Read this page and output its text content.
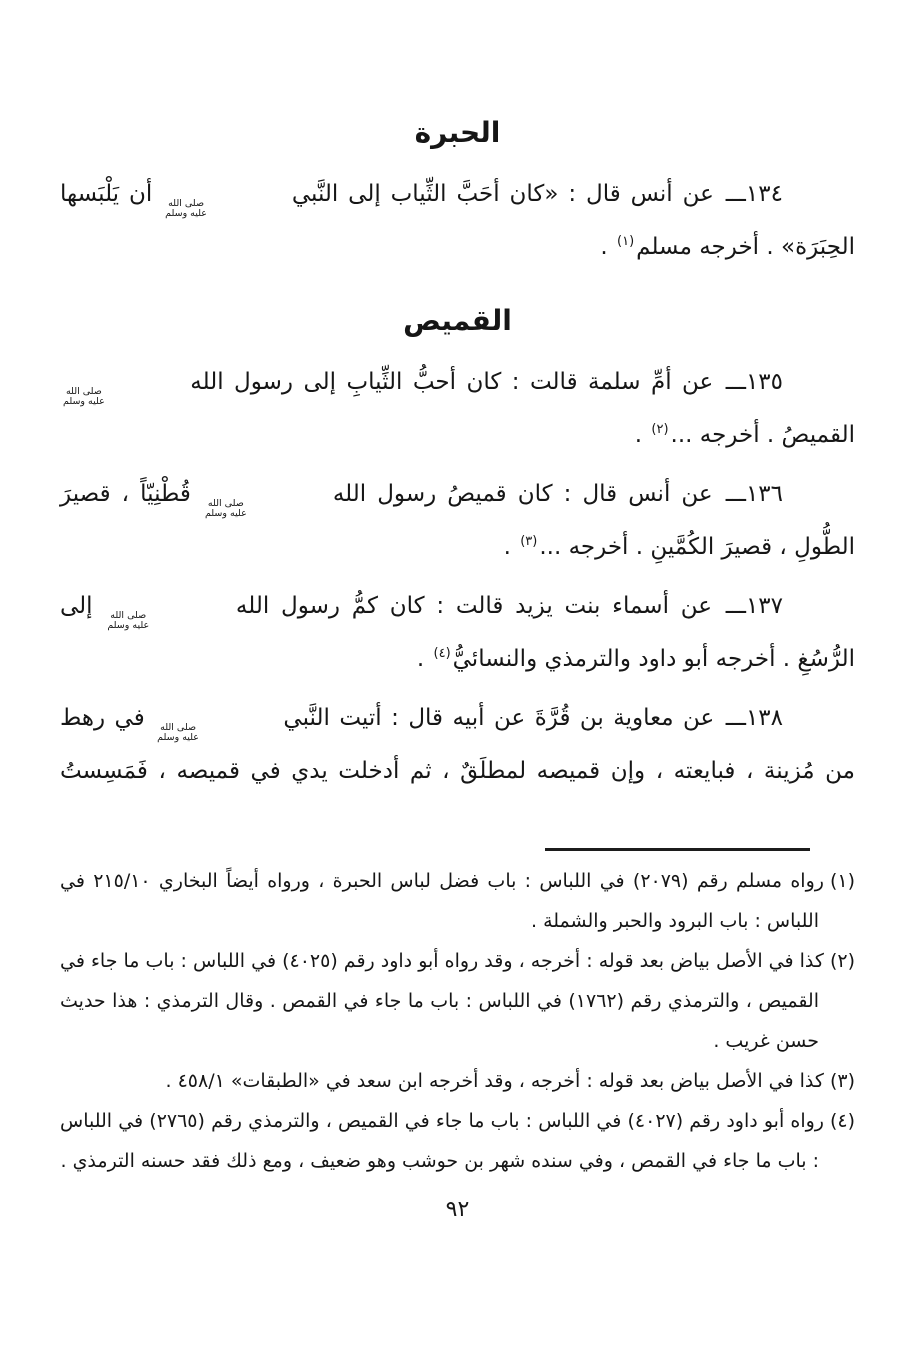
الحبرة

١٣٤ـــ عن أنس قال : «كان أحَبَّ الثِّياب إلى النَّبي
صلى الله
عليه وسلم
أن يَلْبَسها الحِبَرَة» . أخرجه مسلم$^{(١)}$ .

القميص

١٣٥ـــ عن أمِّ سلمة قالت : كان أحبُّ الثِّيابِ إلى رسول الله
صلى الله
عليه وسلم
القميصُ . أخرجه ...$^{(٢)}$ .

١٣٦ـــ عن أنس قال : كان قميصُ رسول الله
صلى الله
عليه وسلم
قُطْنِيّاً ، قصيرَ الطُّولِ ، قصيرَ الكُمَّينِ . أخرجه ...$^{(٣)}$ .

١٣٧ـــ عن أسماء بنت يزيد قالت : كان كمُّ رسول الله
صلى الله
عليه وسلم
إلى الرُّسُغِ . أخرجه أبو داود والترمذي والنسائيُّ$^{(٤)}$ .

١٣٨ـــ عن معاوية بن قُرَّةَ عن أبيه قال : أتيت النَّبي
صلى الله
عليه وسلم
في رهط من مُزينة ، فبايعته ، وإن قميصه لمطلَقٌ ، ثم أدخلت يدي في قميصه ، فَمَسِستُ

(١)رواه مسلم رقم (٢٠٧٩) في اللباس : باب فضل لباس الحبرة ، ورواه أيضاً البخاري ٢١٥/١٠ في اللباس : باب البرود والحبر والشملة .

(٢)كذا في الأصل بياض بعد قوله : أخرجه ، وقد رواه أبو داود رقم (٤٠٢٥) في اللباس : باب ما جاء في القميص ، والترمذي رقم (١٧٦٢) في اللباس : باب ما جاء في القمص . وقال الترمذي : هذا حديث حسن غريب .

(٣)كذا في الأصل بياض بعد قوله : أخرجه ، وقد أخرجه ابن سعد في «الطبقات» ٤٥٨/١ .

(٤)رواه أبو داود رقم (٤٠٢٧) في اللباس : باب ما جاء في القميص ، والترمذي رقم (٢٧٦٥) في اللباس : باب ما جاء في القمص ، وفي سنده شهر بن حوشب وهو ضعيف ، ومع ذلك فقد حسنه الترمذي .

٩٢
